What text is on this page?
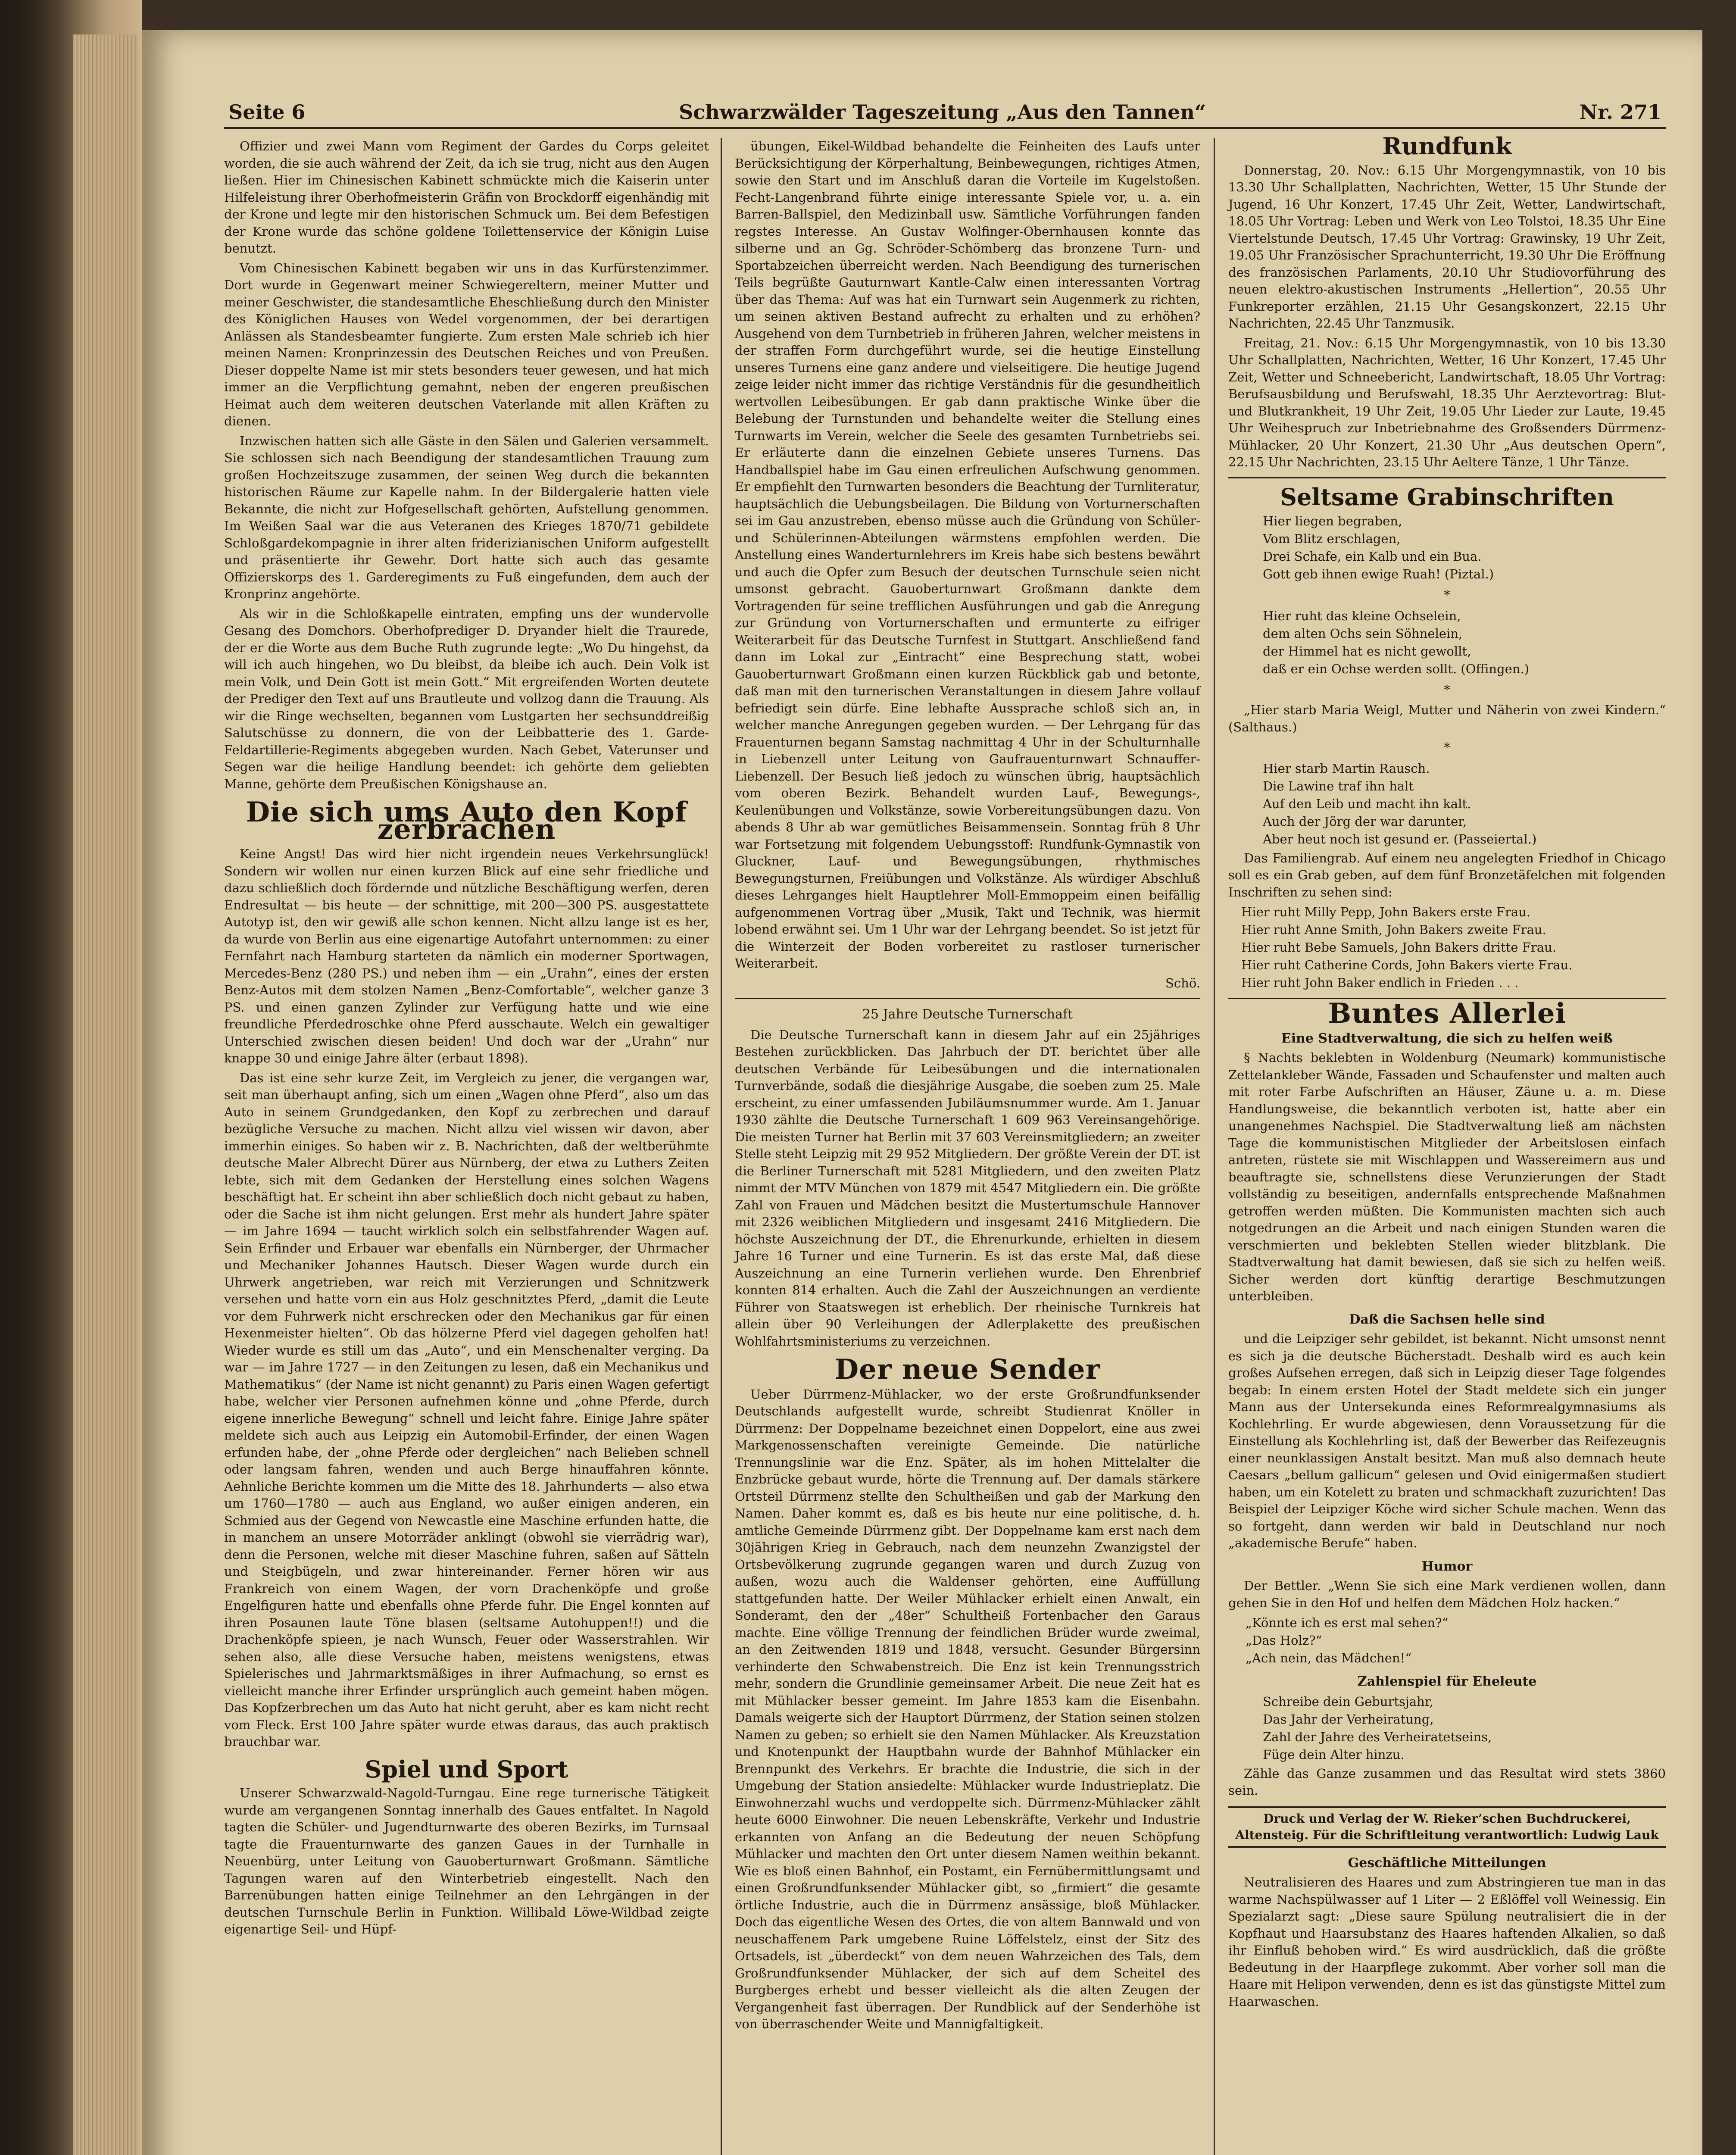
Seite 6	Schwarzwälder Tageszeitung „Aus den Tannen“	Nr. 271

Offizier und zwei Mann vom Regiment der Gardes du Corps geleitet worden, die sie auch während der Zeit, da ich sie trug, nicht aus den Augen ließen. Hier im Chinesischen Kabinett schmückte mich die Kaiserin unter Hilfeleistung ihrer Oberhofmeisterin Gräfin von Brockdorff eigenhändig mit der Krone und legte mir den historischen Schmuck um. Bei dem Befestigen der Krone wurde das schöne goldene Toilettenservice der Königin Luise benutzt.

Vom Chinesischen Kabinett begaben wir uns in das Kurfürstenzimmer. Dort wurde in Gegenwart meiner Schwiegereltern, meiner Mutter und meiner Geschwister, die standesamtliche Eheschließung durch den Minister des Königlichen Hauses von Wedel vorgenommen, der bei derartigen Anlässen als Standesbeamter fungierte. Zum ersten Male schrieb ich hier meinen Namen: Kronprinzessin des Deutschen Reiches und von Preußen. Dieser doppelte Name ist mir stets besonders teuer gewesen, und hat mich immer an die Verpflichtung gemahnt, neben der engeren preußischen Heimat auch dem weiteren deutschen Vaterlande mit allen Kräften zu dienen.

Inzwischen hatten sich alle Gäste in den Sälen und Galerien versammelt. Sie schlossen sich nach Beendigung der standesamtlichen Trauung zum großen Hochzeitszuge zusammen, der seinen Weg durch die bekannten historischen Räume zur Kapelle nahm. In der Bildergalerie hatten viele Bekannte, die nicht zur Hofgesellschaft gehörten, Aufstellung genommen. Im Weißen Saal war die aus Veteranen des Krieges 1870/71 gebildete Schloßgardekompagnie in ihrer alten friderizianischen Uniform aufgestellt und präsentierte ihr Gewehr. Dort hatte sich auch das gesamte Offizierskorps des 1. Garderegiments zu Fuß eingefunden, dem auch der Kronprinz angehörte.

Als wir in die Schloßkapelle eintraten, empfing uns der wundervolle Gesang des Domchors. Oberhofprediger D. Dryander hielt die Traurede, der er die Worte aus dem Buche Ruth zugrunde legte: „Wo Du hingehst, da will ich auch hingehen, wo Du bleibst, da bleibe ich auch. Dein Volk ist mein Volk, und Dein Gott ist mein Gott.“ Mit ergreifenden Worten deutete der Prediger den Text auf uns Brautleute und vollzog dann die Trauung. Als wir die Ringe wechselten, begannen vom Lustgarten her sechsunddreißig Salutschüsse zu donnern, die von der Leibbatterie des 1. Garde-Feldartillerie-Regiments abgegeben wurden. Nach Gebet, Vaterunser und Segen war die heilige Handlung beendet: ich gehörte dem geliebten Manne, gehörte dem Preußischen Königshause an.

Die sich ums Auto den Kopf zerbrachen

Keine Angst! Das wird hier nicht irgendein neues Verkehrsunglück! Sondern wir wollen nur einen kurzen Blick auf eine sehr friedliche und dazu schließlich doch fördernde und nützliche Beschäftigung werfen, deren Endresultat — bis heute — der schnittige, mit 200—300 PS. ausgestattete Autotyp ist, den wir gewiß alle schon kennen. Nicht allzu lange ist es her, da wurde von Berlin aus eine eigenartige Autofahrt unternommen: zu einer Fernfahrt nach Hamburg starteten da nämlich ein moderner Sportwagen, Mercedes-Benz (280 PS.) und neben ihm — ein „Urahn“, eines der ersten Benz-Autos mit dem stolzen Namen „Benz-Comfortable“, welcher ganze 3 PS. und einen ganzen Zylinder zur Verfügung hatte und wie eine freundliche Pferdedroschke ohne Pferd ausschaute. Welch ein gewaltiger Unterschied zwischen diesen beiden! Und doch war der „Urahn“ nur knappe 30 und einige Jahre älter (erbaut 1898).

Das ist eine sehr kurze Zeit, im Vergleich zu jener, die vergangen war, seit man überhaupt anfing, sich um einen „Wagen ohne Pferd“, also um das Auto in seinem Grundgedanken, den Kopf zu zerbrechen und darauf bezügliche Versuche zu machen. Nicht allzu viel wissen wir davon, aber immerhin einiges. So haben wir z. B. Nachrichten, daß der weltberühmte deutsche Maler Albrecht Dürer aus Nürnberg, der etwa zu Luthers Zeiten lebte, sich mit dem Gedanken der Herstellung eines solchen Wagens beschäftigt hat. Er scheint ihn aber schließlich doch nicht gebaut zu haben, oder die Sache ist ihm nicht gelungen. Erst mehr als hundert Jahre später — im Jahre 1694 — taucht wirklich solch ein selbstfahrender Wagen auf. Sein Erfinder und Erbauer war ebenfalls ein Nürnberger, der Uhrmacher und Mechaniker Johannes Hautsch. Dieser Wagen wurde durch ein Uhrwerk angetrieben, war reich mit Verzierungen und Schnitzwerk versehen und hatte vorn ein aus Holz geschnitztes Pferd, „damit die Leute vor dem Fuhrwerk nicht erschrecken oder den Mechanikus gar für einen Hexenmeister hielten“. Ob das hölzerne Pferd viel dagegen geholfen hat! Wieder wurde es still um das „Auto“, und ein Menschenalter verging. Da war — im Jahre 1727 — in den Zeitungen zu lesen, daß ein Mechanikus und Mathematikus“ (der Name ist nicht genannt) zu Paris einen Wagen gefertigt habe, welcher vier Personen aufnehmen könne und „ohne Pferde, durch eigene innerliche Bewegung“ schnell und leicht fahre. Einige Jahre später meldete sich auch aus Leipzig ein Automobil-Erfinder, der einen Wagen erfunden habe, der „ohne Pferde oder dergleichen“ nach Belieben schnell oder langsam fahren, wenden und auch Berge hinauffahren könnte. Aehnliche Berichte kommen um die Mitte des 18. Jahrhunderts — also etwa um 1760—1780 — auch aus England, wo außer einigen anderen, ein Schmied aus der Gegend von Newcastle eine Maschine erfunden hatte, die in manchem an unsere Motorräder anklingt (obwohl sie vierrädrig war), denn die Personen, welche mit dieser Maschine fuhren, saßen auf Sätteln und Steigbügeln, und zwar hintereinander. Ferner hören wir aus Frankreich von einem Wagen, der vorn Drachenköpfe und große Engelfiguren hatte und ebenfalls ohne Pferde fuhr. Die Engel konnten auf ihren Posaunen laute Töne blasen (seltsame Autohuppen!!) und die Drachenköpfe spieen, je nach Wunsch, Feuer oder Wasserstrahlen. Wir sehen also, alle diese Versuche haben, meistens wenigstens, etwas Spielerisches und Jahrmarktsmäßiges in ihrer Aufmachung, so ernst es vielleicht manche ihrer Erfinder ursprünglich auch gemeint haben mögen. Das Kopfzerbrechen um das Auto hat nicht geruht, aber es kam nicht recht vom Fleck. Erst 100 Jahre später wurde etwas daraus, das auch praktisch brauchbar war.

Spiel und Sport

Unserer Schwarzwald-Nagold-Turngau. Eine rege turnerische Tätigkeit wurde am vergangenen Sonntag innerhalb des Gaues entfaltet. In Nagold tagten die Schüler- und Jugendturnwarte des oberen Bezirks, im Turnsaal tagte die Frauenturnwarte des ganzen Gaues in der Turnhalle in Neuenbürg, unter Leitung von Gauoberturnwart Großmann. Sämtliche Tagungen waren auf den Winterbetrieb eingestellt. Nach den Barrenübungen hatten einige Teilnehmer an den Lehrgängen in der deutschen Turnschule Berlin in Funktion. Willibald Löwe-Wildbad zeigte eigenartige Seil- und Hüpf-

übungen, Eikel-Wildbad behandelte die Feinheiten des Laufs unter Berücksichtigung der Körperhaltung, Beinbewegungen, richtiges Atmen, sowie den Start und im Anschluß daran die Vorteile im Kugelstoßen. Fecht-Langenbrand führte einige interessante Spiele vor, u. a. ein Barren-Ballspiel, den Medizinball usw. Sämtliche Vorführungen fanden regstes Interesse. An Gustav Wolfinger-Obernhausen konnte das silberne und an Gg. Schröder-Schömberg das bronzene Turn- und Sportabzeichen überreicht werden. Nach Beendigung des turnerischen Teils begrüßte Gauturnwart Kantle-Calw einen interessanten Vortrag über das Thema: Auf was hat ein Turnwart sein Augenmerk zu richten, um seinen aktiven Bestand aufrecht zu erhalten und zu erhöhen? Ausgehend von dem Turnbetrieb in früheren Jahren, welcher meistens in der straffen Form durchgeführt wurde, sei die heutige Einstellung unseres Turnens eine ganz andere und vielseitigere. Die heutige Jugend zeige leider nicht immer das richtige Verständnis für die gesundheitlich wertvollen Leibesübungen. Er gab dann praktische Winke über die Belebung der Turnstunden und behandelte weiter die Stellung eines Turnwarts im Verein, welcher die Seele des gesamten Turnbetriebs sei. Er erläuterte dann die einzelnen Gebiete unseres Turnens. Das Handballspiel habe im Gau einen erfreulichen Aufschwung genommen. Er empfiehlt den Turnwarten besonders die Beachtung der Turnliteratur, hauptsächlich die Uebungsbeilagen. Die Bildung von Vorturnerschaften sei im Gau anzustreben, ebenso müsse auch die Gründung von Schüler- und Schülerinnen-Abteilungen wärmstens empfohlen werden. Die Anstellung eines Wanderturnlehrers im Kreis habe sich bestens bewährt und auch die Opfer zum Besuch der deutschen Turnschule seien nicht umsonst gebracht. Gauoberturnwart Großmann dankte dem Vortragenden für seine trefflichen Ausführungen und gab die Anregung zur Gründung von Vorturnerschaften und ermunterte zu eifriger Weiterarbeit für das Deutsche Turnfest in Stuttgart. Anschließend fand dann im Lokal zur „Eintracht“ eine Besprechung statt, wobei Gauoberturnwart Großmann einen kurzen Rückblick gab und betonte, daß man mit den turnerischen Veranstaltungen in diesem Jahre vollauf befriedigt sein dürfe. Eine lebhafte Aussprache schloß sich an, in welcher manche Anregungen gegeben wurden. — Der Lehrgang für das Frauenturnen begann Samstag nachmittag 4 Uhr in der Schulturnhalle in Liebenzell unter Leitung von Gaufrauenturnwart Schnauffer-Liebenzell. Der Besuch ließ jedoch zu wünschen übrig, hauptsächlich vom oberen Bezirk. Behandelt wurden Lauf-, Bewegungs-, Keulenübungen und Volkstänze, sowie Vorbereitungsübungen dazu. Von abends 8 Uhr ab war gemütliches Beisammensein. Sonntag früh 8 Uhr war Fortsetzung mit folgendem Uebungsstoff: Rundfunk-Gymnastik von Gluckner, Lauf- und Bewegungsübungen, rhythmisches Bewegungsturnen, Freiübungen und Volkstänze. Als würdiger Abschluß dieses Lehrganges hielt Hauptlehrer Moll-Emmoppeim einen beifällig aufgenommenen Vortrag über „Musik, Takt und Technik, was hiermit lobend erwähnt sei. Um 1 Uhr war der Lehrgang beendet. So ist jetzt für die Winterzeit der Boden vorbereitet zu rastloser turnerischer Weiterarbeit.

Schö.
25 Jahre Deutsche Turnerschaft

Die Deutsche Turnerschaft kann in diesem Jahr auf ein 25jähriges Bestehen zurückblicken. Das Jahrbuch der DT. berichtet über alle deutschen Verbände für Leibesübungen und die internationalen Turnverbände, sodaß die diesjährige Ausgabe, die soeben zum 25. Male erscheint, zu einer umfassenden Jubiläumsnummer wurde. Am 1. Januar 1930 zählte die Deutsche Turnerschaft 1 609 963 Vereinsangehörige. Die meisten Turner hat Berlin mit 37 603 Vereinsmitgliedern; an zweiter Stelle steht Leipzig mit 29 952 Mitgliedern. Der größte Verein der DT. ist die Berliner Turnerschaft mit 5281 Mitgliedern, und den zweiten Platz nimmt der MTV München von 1879 mit 4547 Mitgliedern ein. Die größte Zahl von Frauen und Mädchen besitzt die Mustertumschule Hannover mit 2326 weiblichen Mitgliedern und insgesamt 2416 Mitgliedern. Die höchste Auszeichnung der DT., die Ehrenurkunde, erhielten in diesem Jahre 16 Turner und eine Turnerin. Es ist das erste Mal, daß diese Auszeichnung an eine Turnerin verliehen wurde. Den Ehrenbrief konnten 814 erhalten. Auch die Zahl der Auszeichnungen an verdiente Führer von Staatswegen ist erheblich. Der rheinische Turnkreis hat allein über 90 Verleihungen der Adlerplakette des preußischen Wohlfahrtsministeriums zu verzeichnen.

Der neue Sender

Ueber Dürrmenz-Mühlacker, wo der erste Großrundfunksender Deutschlands aufgestellt wurde, schreibt Studienrat Knöller in Dürrmenz: Der Doppelname bezeichnet einen Doppelort, eine aus zwei Markgenossenschaften vereinigte Gemeinde. Die natürliche Trennungslinie war die Enz. Später, als im hohen Mittelalter die Enzbrücke gebaut wurde, hörte die Trennung auf. Der damals stärkere Ortsteil Dürrmenz stellte den Schultheißen und gab der Markung den Namen. Daher kommt es, daß es bis heute nur eine politische, d. h. amtliche Gemeinde Dürrmenz gibt. Der Doppelname kam erst nach dem 30jährigen Krieg in Gebrauch, nach dem neunzehn Zwanzigstel der Ortsbevölkerung zugrunde gegangen waren und durch Zuzug von außen, wozu auch die Waldenser gehörten, eine Auffüllung stattgefunden hatte. Der Weiler Mühlacker erhielt einen Anwalt, ein Sonderamt, den der „48er“ Schultheiß Fortenbacher den Garaus machte. Eine völlige Trennung der feindlichen Brüder wurde zweimal, an den Zeitwenden 1819 und 1848, versucht. Gesunder Bürgersinn verhinderte den Schwabenstreich. Die Enz ist kein Trennungsstrich mehr, sondern die Grundlinie gemeinsamer Arbeit. Die neue Zeit hat es mit Mühlacker besser gemeint. Im Jahre 1853 kam die Eisenbahn. Damals weigerte sich der Hauptort Dürrmenz, der Station seinen stolzen Namen zu geben; so erhielt sie den Namen Mühlacker. Als Kreuzstation und Knotenpunkt der Hauptbahn wurde der Bahnhof Mühlacker ein Brennpunkt des Verkehrs. Er brachte die Industrie, die sich in der Umgebung der Station ansiedelte: Mühlacker wurde Industrieplatz. Die Einwohnerzahl wuchs und verdoppelte sich. Dürrmenz-Mühlacker zählt heute 6000 Einwohner. Die neuen Lebenskräfte, Verkehr und Industrie erkannten von Anfang an die Bedeutung der neuen Schöpfung Mühlacker und machten den Ort unter diesem Namen weithin bekannt. Wie es bloß einen Bahnhof, ein Postamt, ein Fernübermittlungsamt und einen Großrundfunksender Mühlacker gibt, so „firmiert“ die gesamte örtliche Industrie, auch die in Dürrmenz ansässige, bloß Mühlacker. Doch das eigentliche Wesen des Ortes, die von altem Bannwald und von neuschaffenem Park umgebene Ruine Löffelstelz, einst der Sitz des Ortsadels, ist „überdeckt“ von dem neuen Wahrzeichen des Tals, dem Großrundfunksender Mühlacker, der sich auf dem Scheitel des Burgberges erhebt und besser vielleicht als die alten Zeugen der Vergangenheit fast überragen. Der Rundblick auf der Senderhöhe ist von überraschender Weite und Mannigfaltigkeit.

Rundfunk

Donnerstag, 20. Nov.: 6.15 Uhr Morgengymnastik, von 10 bis 13.30 Uhr Schallplatten, Nachrichten, Wetter, 15 Uhr Stunde der Jugend, 16 Uhr Konzert, 17.45 Uhr Zeit, Wetter, Landwirtschaft, 18.05 Uhr Vortrag: Leben und Werk von Leo Tolstoi, 18.35 Uhr Eine Viertelstunde Deutsch, 17.45 Uhr Vortrag: Grawinsky, 19 Uhr Zeit, 19.05 Uhr Französischer Sprachunterricht, 19.30 Uhr Die Eröffnung des französischen Parlaments, 20.10 Uhr Studiovorführung des neuen elektro-akustischen Instruments „Hellertion“, 20.55 Uhr Funkreporter erzählen, 21.15 Uhr Gesangskonzert, 22.15 Uhr Nachrichten, 22.45 Uhr Tanzmusik.

Freitag, 21. Nov.: 6.15 Uhr Morgengymnastik, von 10 bis 13.30 Uhr Schallplatten, Nachrichten, Wetter, 16 Uhr Konzert, 17.45 Uhr Zeit, Wetter und Schneebericht, Landwirtschaft, 18.05 Uhr Vortrag: Berufsausbildung und Berufswahl, 18.35 Uhr Aerztevortrag: Blut- und Blutkrankheit, 19 Uhr Zeit, 19.05 Uhr Lieder zur Laute, 19.45 Uhr Weihespruch zur Inbetriebnahme des Großsenders Dürrmenz-Mühlacker, 20 Uhr Konzert, 21.30 Uhr „Aus deutschen Opern“, 22.15 Uhr Nachrichten, 23.15 Uhr Aeltere Tänze, 1 Uhr Tänze.

Seltsame Grabinschriften
Hier liegen begraben,
Vom Blitz erschlagen,
Drei Schafe, ein Kalb und ein Bua.
Gott geb ihnen ewige Ruah! (Piztal.)
*
Hier ruht das kleine Ochselein,
dem alten Ochs sein Söhnelein,
der Himmel hat es nicht gewollt,
daß er ein Ochse werden sollt. (Offingen.)
*

„Hier starb Maria Weigl, Mutter und Näherin von zwei Kindern.“ (Salthaus.)

*
Hier starb Martin Rausch.
Die Lawine traf ihn halt
Auf den Leib und macht ihn kalt.
Auch der Jörg der war darunter,
Aber heut noch ist gesund er. (Passeiertal.)

Das Familiengrab. Auf einem neu angelegten Friedhof in Chicago soll es ein Grab geben, auf dem fünf Bronzetäfelchen mit folgenden Inschriften zu sehen sind:

Hier ruht Milly Pepp, John Bakers erste Frau.
Hier ruht Anne Smith, John Bakers zweite Frau.
Hier ruht Bebe Samuels, John Bakers dritte Frau.
Hier ruht Catherine Cords, John Bakers vierte Frau.
Hier ruht John Baker endlich in Frieden . . .
Buntes Allerlei
Eine Stadtverwaltung, die sich zu helfen weiß

§ Nachts beklebten in Woldenburg (Neumark) kommunistische Zettelankleber Wände, Fassaden und Schaufenster und malten auch mit roter Farbe Aufschriften an Häuser, Zäune u. a. m. Diese Handlungsweise, die bekanntlich verboten ist, hatte aber ein unangenehmes Nachspiel. Die Stadtverwaltung ließ am nächsten Tage die kommunistischen Mitglieder der Arbeitslosen einfach antreten, rüstete sie mit Wischlappen und Wassereimern aus und beauftragte sie, schnellstens diese Verunzierungen der Stadt vollständig zu beseitigen, andernfalls entsprechende Maßnahmen getroffen werden müßten. Die Kommunisten machten sich auch notgedrungen an die Arbeit und nach einigen Stunden waren die verschmierten und beklebten Stellen wieder blitzblank. Die Stadtverwaltung hat damit bewiesen, daß sie sich zu helfen weiß. Sicher werden dort künftig derartige Beschmutzungen unterbleiben.

Daß die Sachsen helle sind

und die Leipziger sehr gebildet, ist bekannt. Nicht umsonst nennt es sich ja die deutsche Bücherstadt. Deshalb wird es auch kein großes Aufsehen erregen, daß sich in Leipzig dieser Tage folgendes begab: In einem ersten Hotel der Stadt meldete sich ein junger Mann aus der Untersekunda eines Reformrealgymnasiums als Kochlehrling. Er wurde abgewiesen, denn Voraussetzung für die Einstellung als Kochlehrling ist, daß der Bewerber das Reifezeugnis einer neunklassigen Anstalt besitzt. Man muß also demnach heute Caesars „bellum gallicum“ gelesen und Ovid einigermaßen studiert haben, um ein Kotelett zu braten und schmackhaft zuzurichten! Das Beispiel der Leipziger Köche wird sicher Schule machen. Wenn das so fortgeht, dann werden wir bald in Deutschland nur noch „akademische Berufe“ haben.

Humor

Der Bettler. „Wenn Sie sich eine Mark verdienen wollen, dann gehen Sie in den Hof und helfen dem Mädchen Holz hacken.“

„Könnte ich es erst mal sehen?“
„Das Holz?“
„Ach nein, das Mädchen!“
Zahlenspiel für Eheleute
Schreibe dein Geburtsjahr,
Das Jahr der Verheiratung,
Zahl der Jahre des Verheiratetseins,
Füge dein Alter hinzu.

Zähle das Ganze zusammen und das Resultat wird stets 3860 sein.

Druck und Verlag der W. Rieker’schen Buchdruckerei, Altensteig. Für die Schriftleitung verantwortlich: Ludwig Lauk
Geschäftliche Mitteilungen

Neutralisieren des Haares und zum Abstringieren tue man in das warme Nachspülwasser auf 1 Liter — 2 Eßlöffel voll Weinessig. Ein Spezialarzt sagt: „Diese saure Spülung neutralisiert die in der Kopfhaut und Haarsubstanz des Haares haftenden Alkalien, so daß ihr Einfluß behoben wird.“ Es wird ausdrücklich, daß die größte Bedeutung in der Haarpflege zukommt. Aber vorher soll man die Haare mit Helipon verwenden, denn es ist das günstigste Mittel zum Haarwaschen.
